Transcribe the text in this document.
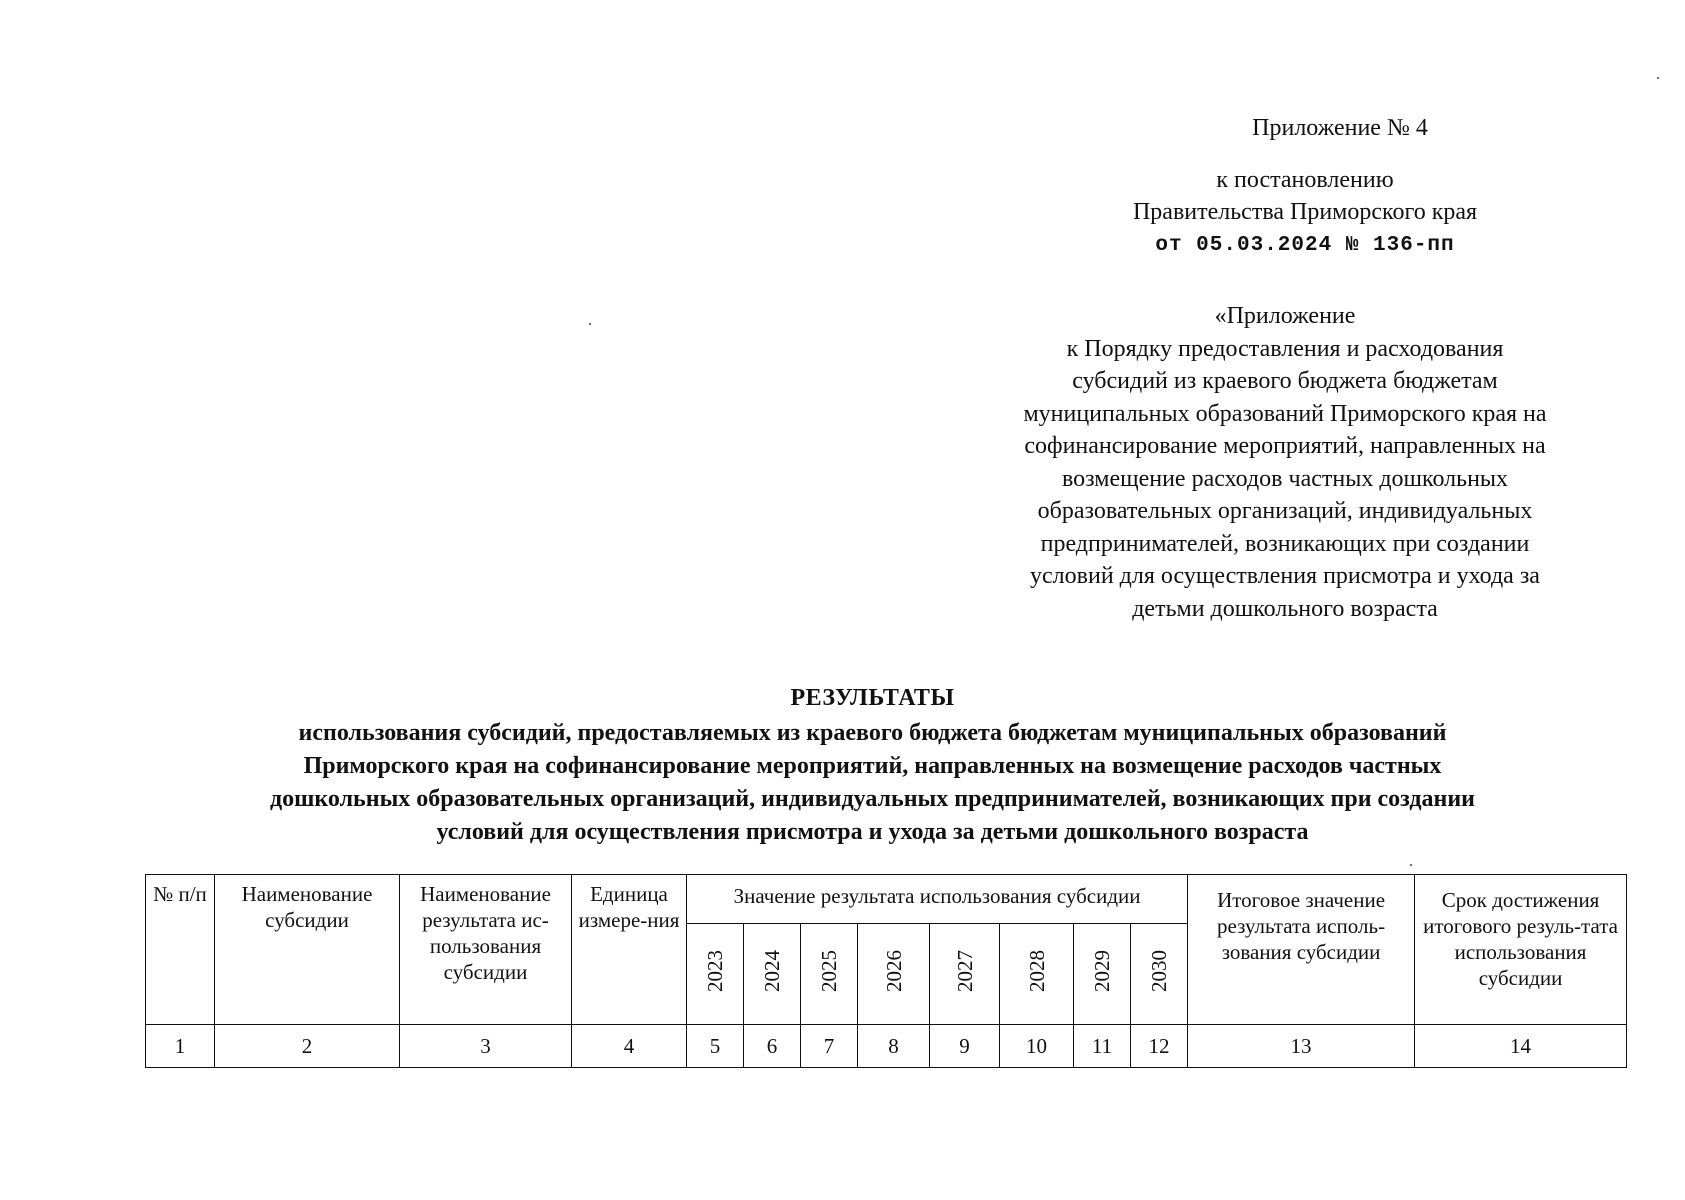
Приложение № 4
к постановлению
Правительства Приморского края
от 05.03.2024 № 136-пп
«Приложение
к Порядку предоставления и расходования
субсидий из краевого бюджета бюджетам
муниципальных образований Приморского края на
софинансирование мероприятий, направленных на
возмещение расходов частных дошкольных
образовательных организаций, индивидуальных
предпринимателей, возникающих при создании
условий для осуществления присмотра и ухода за
детьми дошкольного возраста
РЕЗУЛЬТАТЫ
использования субсидий, предоставляемых из краевого бюджета бюджетам муниципальных образований
Приморского края на софинансирование мероприятий, направленных на возмещение расходов частных
дошкольных образовательных организаций, индивидуальных предпринимателей, возникающих при создании
условий для осуществления присмотра и ухода за детьми дошкольного возраста
№ п/п	Наименование субсидии	Наименование результата ис-пользования субсидии	Единица измере-ния	Значение результата использования субсидии								Итоговое значение результата исполь-зования субсидии	Срок достижения итогового резуль-тата использования субсидии
				2023	2024	2025	2026	2027	2028	2029	2030		
1	2	3	4	5	6	7	8	9	10	11	12	13	14
